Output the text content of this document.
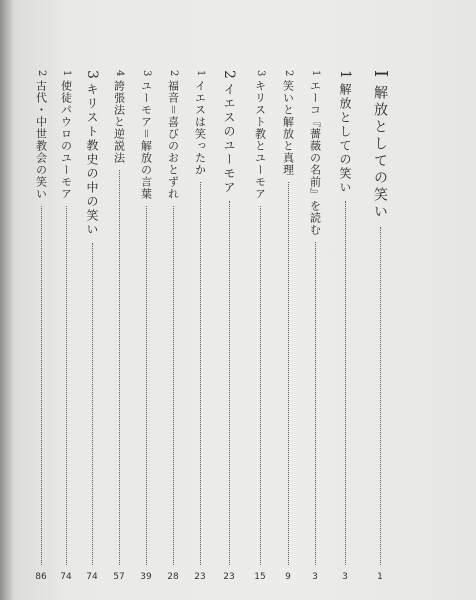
I
解放としての笑い
1
1
解放としての笑い
3
1
エーコ『薔薇の名前』を読む
3
2
笑いと解放と真理
9
3
キリスト教とユーモア
15
2
イエスのユーモア
23
1
イエスは笑ったか
23
2
福音＝喜びのおとずれ
28
3
ユーモア＝解放の言葉
39
4
誇張法と逆説法
57
3
キリスト教史の中の笑い
74
1
使徒パウロのユーモア
74
2
古代・中世教会の笑い
86
